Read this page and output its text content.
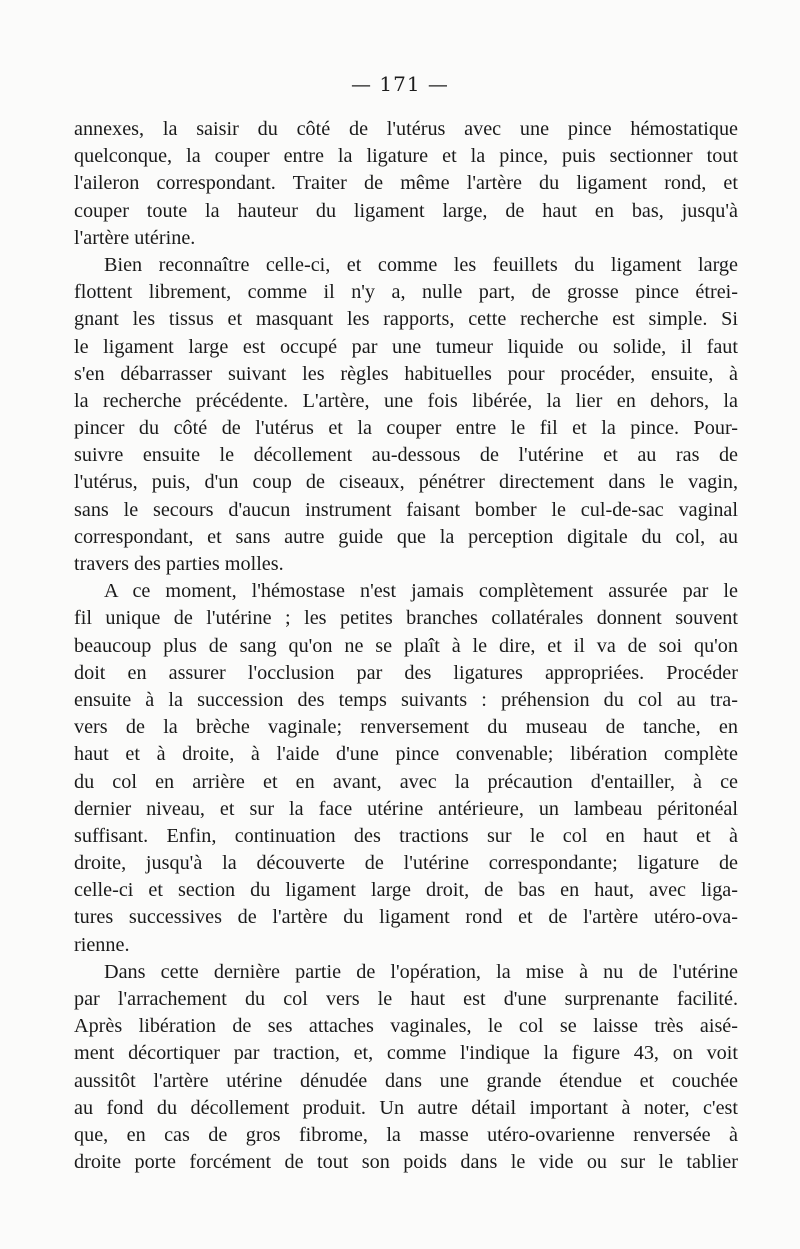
— 171 —
annexes, la saisir du côté de l'utérus avec une pince hémostatique
quelconque, la couper entre la ligature et la pince, puis sectionner tout
l'aileron correspondant. Traiter de même l'artère du ligament rond, et
couper toute la hauteur du ligament large, de haut en bas, jusqu'à
l'artère utérine.
Bien reconnaître celle-ci, et comme les feuillets du ligament large
flottent librement, comme il n'y a, nulle part, de grosse pince étrei-
gnant les tissus et masquant les rapports, cette recherche est simple. Si
le ligament large est occupé par une tumeur liquide ou solide, il faut
s'en débarrasser suivant les règles habituelles pour procéder, ensuite, à
la recherche précédente. L'artère, une fois libérée, la lier en dehors, la
pincer du côté de l'utérus et la couper entre le fil et la pince. Pour-
suivre ensuite le décollement au-dessous de l'utérine et au ras de
l'utérus, puis, d'un coup de ciseaux, pénétrer directement dans le vagin,
sans le secours d'aucun instrument faisant bomber le cul-de-sac vaginal
correspondant, et sans autre guide que la perception digitale du col, au
travers des parties molles.
A ce moment, l'hémostase n'est jamais complètement assurée par le
fil unique de l'utérine ; les petites branches collatérales donnent souvent
beaucoup plus de sang qu'on ne se plaît à le dire, et il va de soi qu'on
doit en assurer l'occlusion par des ligatures appropriées. Procéder
ensuite à la succession des temps suivants : préhension du col au tra-
vers de la brèche vaginale; renversement du museau de tanche, en
haut et à droite, à l'aide d'une pince convenable; libération complète
du col en arrière et en avant, avec la précaution d'entailler, à ce
dernier niveau, et sur la face utérine antérieure, un lambeau péritonéal
suffisant. Enfin, continuation des tractions sur le col en haut et à
droite, jusqu'à la découverte de l'utérine correspondante; ligature de
celle-ci et section du ligament large droit, de bas en haut, avec liga-
tures successives de l'artère du ligament rond et de l'artère utéro-ova-
rienne.
Dans cette dernière partie de l'opération, la mise à nu de l'utérine
par l'arrachement du col vers le haut est d'une surprenante facilité.
Après libération de ses attaches vaginales, le col se laisse très aisé-
ment décortiquer par traction, et, comme l'indique la figure 43, on voit
aussitôt l'artère utérine dénudée dans une grande étendue et couchée
au fond du décollement produit. Un autre détail important à noter, c'est
que, en cas de gros fibrome, la masse utéro-ovarienne renversée à
droite porte forcément de tout son poids dans le vide ou sur le tablier
